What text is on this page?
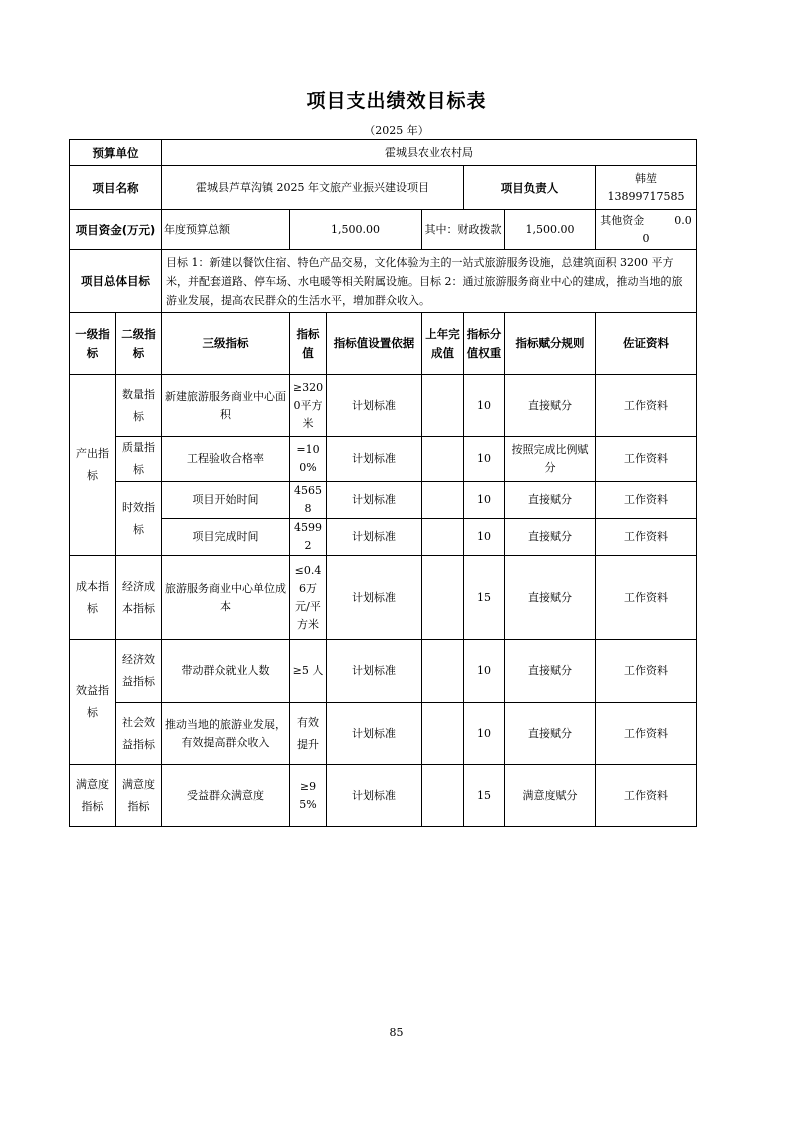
项目支出绩效目标表
（2025 年）
预算单位		霍城县农业农村局						
项目名称		霍城县芦草沟镇 2025 年文旅产业振兴建设项目				项目负责人		韩堃
13899717585

项目资金(万元)		年度预算总额	1,500.00		其中：财政拨款		1,500.00	其他资金 0.00
项目总体目标		目标 1：新建以餐饮住宿、特色产品交易，文化体验为主的一站式旅游服务设施，总建筑面积 3200 平方米，并配套道路、停车场、水电暖等相关附属设施。目标 2：通过旅游服务商业中心的建成，推动当地的旅游业发展，提高农民群众的生活水平，增加群众收入。						
一级指标	二级指标	三级指标	指标值	指标值设置依据	上年完成值	指标分值权重	指标赋分规则	佐证资料
产出指标	数量指标	新建旅游服务商业中心面积	≥3200平方米	计划标准		10	直接赋分	工作资料
	质量指标	工程验收合格率	=100%	计划标准		10	按照完成比例赋分	工作资料
	时效指标	项目开始时间	45658	计划标准		10	直接赋分	工作资料
		项目完成时间	45992	计划标准		10	直接赋分	工作资料
成本指标	经济成本指标	旅游服务商业中心单位成本	≤0.46万元/平方米	计划标准		15	直接赋分	工作资料
效益指标	经济效益指标	带动群众就业人数	≥5 人	计划标准		10	直接赋分	工作资料
	社会效益指标	推动当地的旅游业发展，有效提高群众收入	有效提升	计划标准		10	直接赋分	工作资料
满意度指标	满意度指标	受益群众满意度	≥95%	计划标准		15	满意度赋分	工作资料
85
